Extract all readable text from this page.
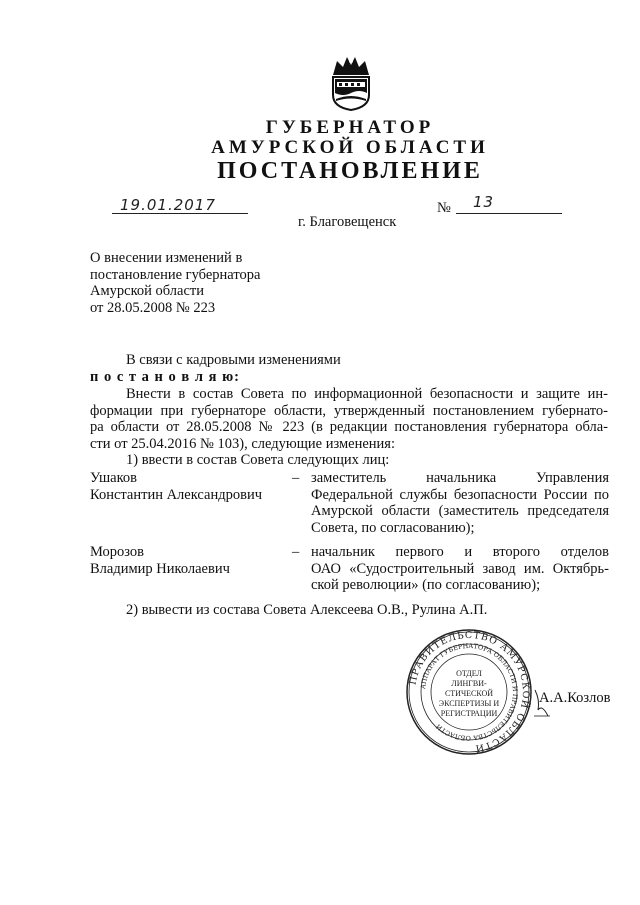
ГУБЕРНАТОР
АМУРСКОЙ ОБЛАСТИ
ПОСТАНОВЛЕНИЕ
19.01.2017	№ 13
г. Благовещенск
О внесении изменений в
постановление губернатора
Амурской области
от 28.05.2008 № 223
В связи с кадровыми изменениями
п о с т а н о в л я ю:
Внести в состав Совета по информационной безопасности и защите ин-
формации при губернаторе области, утвержденный постановлением губернато-
ра области от 28.05.2008 № 223 (в редакции постановления губернатора обла-
сти от 25.04.2016 № 103), следующие изменения:
1) ввести в состав Совета следующих лиц:
Ушаков
Константин Александрович
– заместитель начальника Управления
Федеральной службы безопасности России по
Амурской области (заместитель председателя
Совета, по согласованию);
Морозов
Владимир Николаевич
– начальник первого и второго отделов
ОАО «Судостроительный завод им. Октябрь-
ской революции» (по согласованию);
2) вывести из состава Совета Алексеева О.В., Рулина А.П.
ПРАВИТЕЛЬСТВО АМУРСКОЙ ОБЛАСТИ
АППАРАТ ГУБЕРНАТОРА ОБЛАСТИ И ПРАВИТЕЛЬСТВА ОБЛАСТИ
ОТДЕЛ
ЛИНГВИ-
СТИЧЕСКОЙ
ЭКСПЕРТИЗЫ И
РЕГИСТРАЦИИ
А.А.Козлов
